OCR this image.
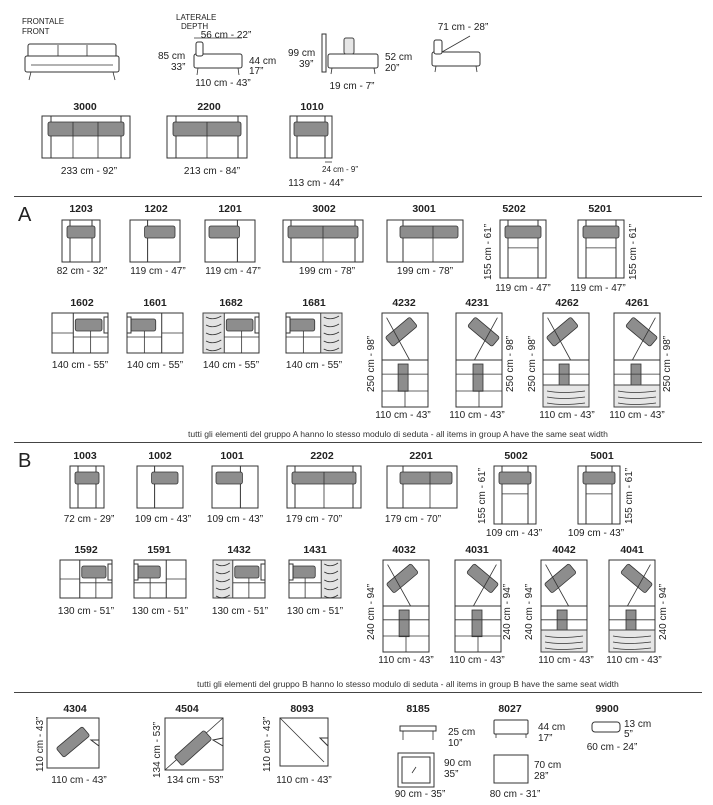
FRONTALE
FRONT
LATERALE
DEPTH
56 cm - 22”
85 cm
33”
44 cm
17”
110 cm - 43”
99 cm
39”
52 cm
20”
19 cm - 7”
71 cm - 28”
3000
233 cm - 92”
2200
213 cm - 84”
1010
24 cm - 9”
113 cm - 44”
A	1203
82 cm - 32”
1202
119 cm - 47”
1201
119 cm - 47”
3002
199 cm - 78”
3001
199 cm - 78”
5202
119 cm - 47”
155 cm - 61”
5201
119 cm - 47”
155 cm - 61”
1602
140 cm - 55”
1601
140 cm - 55”
1682
140 cm - 55”
1681
140 cm - 55”
4232
110 cm - 43”
250 cm - 98”
4231
110 cm - 43”
250 cm - 98”
4262
110 cm - 43”
250 cm - 98”
4261
110 cm - 43”
250 cm - 98”
tutti gli elementi del gruppo A hanno lo stesso modulo di seduta - all items in group A have the same seat width
B	1003
72 cm - 29”
1002
109 cm - 43”
1001
109 cm - 43”
2202
179 cm - 70”
2201
179 cm - 70”
5002
109 cm - 43”
155 cm - 61”
5001
109 cm - 43”
155 cm - 61”
1592
130 cm - 51”
1591
130 cm - 51”
1432
130 cm - 51”
1431
130 cm - 51”
4032
110 cm - 43”
240 cm - 94”
4031
110 cm - 43”
240 cm - 94”
4042
110 cm - 43”
240 cm - 94”
4041
110 cm - 43”
240 cm - 94”
tutti gli elementi del gruppo B hanno lo stesso modulo di seduta - all items in group B have the same seat width
4304
110 cm - 43”
110 cm - 43”
4504
134 cm - 53”
134 cm - 53”
8093
110 cm - 43”
110 cm - 43”
8185
25 cm
10”
90 cm
35”
90 cm - 35”
8027
44 cm
17”
70 cm
28”
80 cm - 31”
9900
13 cm
5”
60 cm - 24”
